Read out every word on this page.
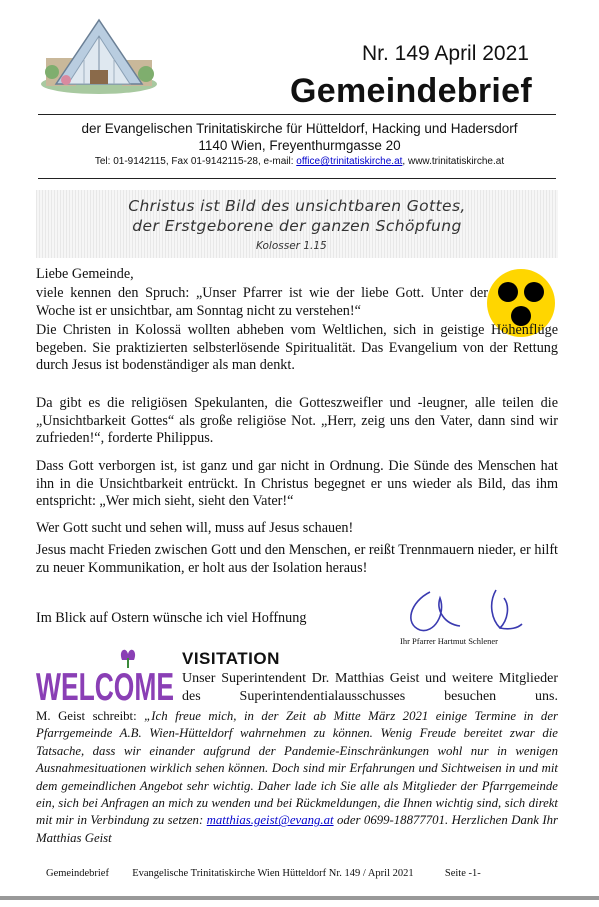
Nr. 149 April 2021
Gemeindebrief
der Evangelischen Trinitatiskirche für Hütteldorf, Hacking und Hadersdorf
1140 Wien, Freyenthurmgasse 20
Tel: 01-9142115, Fax 01-9142115-28, e-mail: office@trinitatiskirche.at, www.trinitatiskirche.at
Christus ist Bild des unsichtbaren Gottes,
der Erstgeborene der ganzen Schöpfung
Kolosser 1.15
Liebe Gemeinde,
viele kennen den Spruch: „Unser Pfarrer ist wie der liebe Gott. Unter der Woche ist er unsichtbar, am Sonntag nicht zu verstehen!“
Die Christen in Kolossä wollten abheben vom Weltlichen, sich in geistige Höhenflüge begeben. Sie praktizierten selbsterlösende Spiritualität. Das Evangelium von der Rettung durch Jesus ist bodenständiger als man denkt.
Da gibt es die religiösen Spekulanten, die Gotteszweifler und -leugner, alle teilen die „Unsichtbarkeit Gottes“ als große religiöse Not. „Herr, zeig uns den Vater, dann sind wir zufrieden!“, forderte Philippus.
Dass Gott verborgen ist, ist ganz und gar nicht in Ordnung. Die Sünde des Menschen hat ihn in die Unsichtbarkeit entrückt. In Christus begegnet er uns wieder als Bild, das ihm entspricht: „Wer mich sieht, sieht den Vater!“
Wer Gott sucht und sehen will, muss auf Jesus schauen!
Jesus macht Frieden zwischen Gott und den Menschen, er reißt Trennmauern nieder, er hilft zu neuer Kommunikation, er holt aus der Isolation heraus!
Im Blick auf Ostern wünsche ich viel Hoffnung
Ihr Pfarrer Hartmut Schlener
WELCOME
VISITATION
Unser Superintendent Dr. Matthias Geist und weitere Mitglieder des Superintendentialausschusses besuchen uns.
M. Geist schreibt: „Ich freue mich, in der Zeit ab Mitte März 2021 einige Termine in der Pfarrgemeinde A.B. Wien-Hütteldorf wahrnehmen zu können. Wenig Freude bereitet zwar die Tatsache, dass wir einander aufgrund der Pandemie-Einschränkungen wohl nur in wenigen Ausnahmesituationen wirklich sehen können. Doch sind mir Erfahrungen und Sichtweisen in und mit dem gemeindlichen Angebot sehr wichtig. Daher lade ich Sie alle als Mitglieder der Pfarrgemeinde ein, sich bei Anfragen an mich zu wenden und bei Rückmeldungen, die Ihnen wichtig sind, sich direkt mit mir in Verbindung zu setzen: matthias.geist@evang.at oder 0699-18877701. Herzlichen Dank Ihr Matthias Geist
Gemeindebrief Evangelische Trinitatiskirche Wien Hütteldorf Nr. 149 / April 2021	Seite -1-
